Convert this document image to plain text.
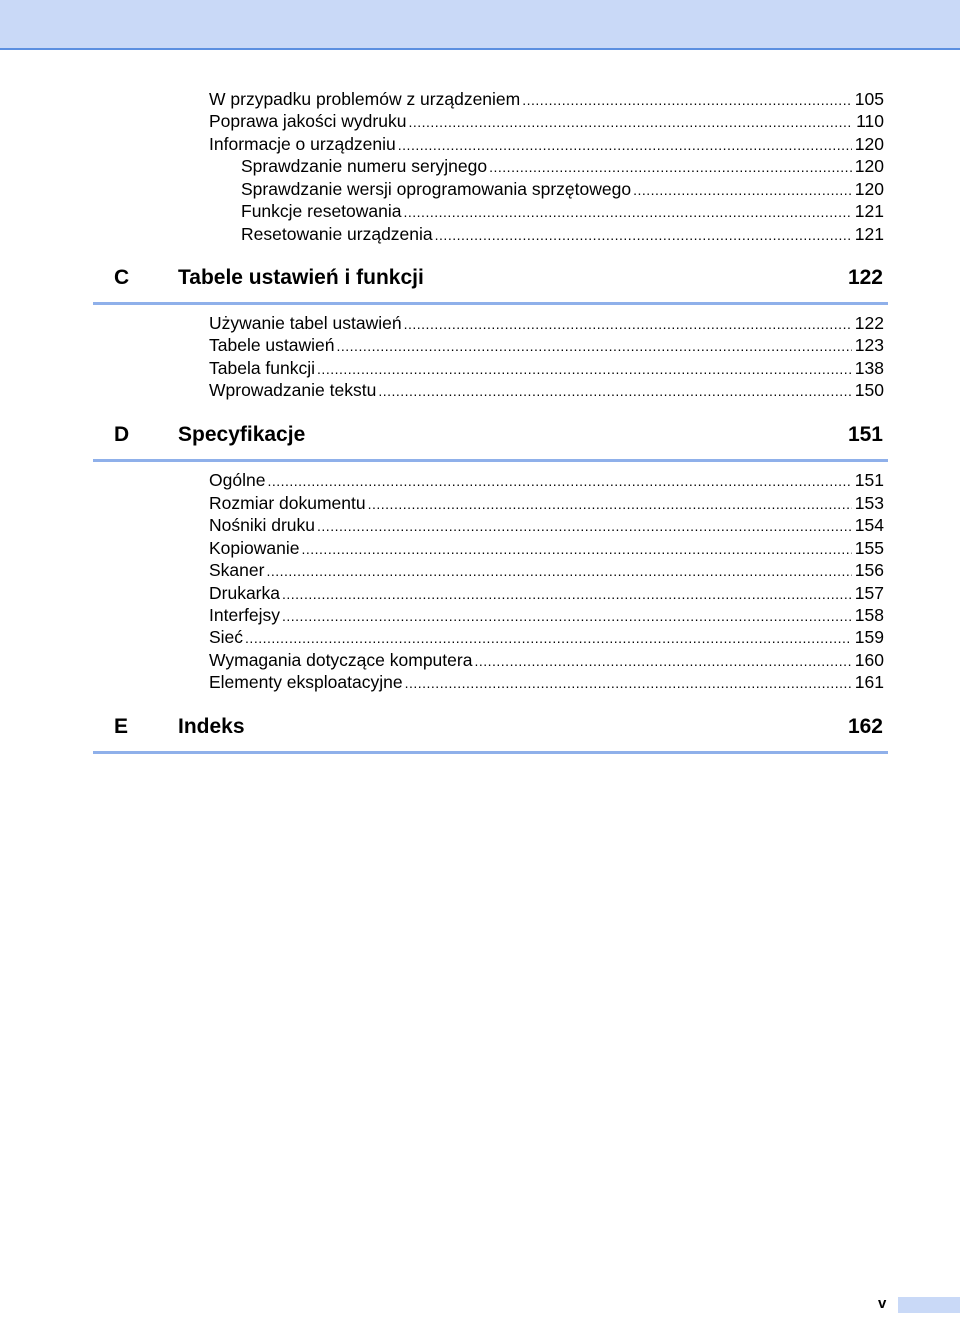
W przypadku problemów z urządzeniem .....	105
Poprawa jakości wydruku .....	110
Informacje o urządzeniu .....	120
Sprawdzanie numeru seryjnego .....	120
Sprawdzanie wersji oprogramowania sprzętowego .....	120
Funkcje resetowania .....	121
Resetowanie urządzenia .....	121
C Tabele ustawień i funkcji	122
Używanie tabel ustawień .....	122
Tabele ustawień .....	123
Tabela funkcji .....	138
Wprowadzanie tekstu .....	150
D Specyfikacje	151
Ogólne .....	151
Rozmiar dokumentu .....	153
Nośniki druku .....	154
Kopiowanie .....	155
Skaner .....	156
Drukarka .....	157
Interfejsy .....	158
Sieć .....	159
Wymagania dotyczące komputera .....	160
Elementy eksploatacyjne .....	161
E Indeks	162
v
